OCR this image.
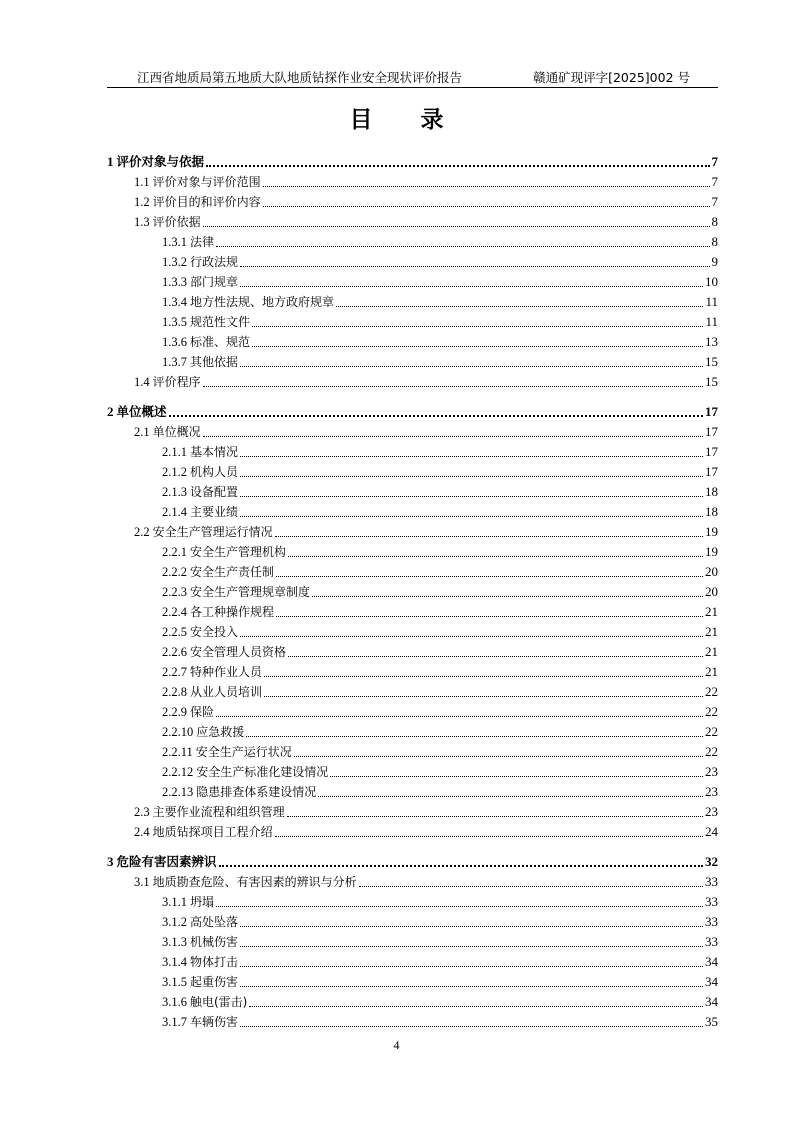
江西省地质局第五地质大队地质钻探作业安全现状评价报告	赣通矿现评字[2025]002 号
目 录
1 评价对象与依据	7
1.1 评价对象与评价范围	7
1.2 评价目的和评价内容	7
1.3 评价依据	8
1.3.1 法律	8
1.3.2 行政法规	9
1.3.3 部门规章	10
1.3.4 地方性法规、地方政府规章	11
1.3.5 规范性文件	11
1.3.6 标准、规范	13
1.3.7 其他依据	15
1.4 评价程序	15
2 单位概述	17
2.1 单位概况	17
2.1.1 基本情况	17
2.1.2 机构人员	17
2.1.3 设备配置	18
2.1.4 主要业绩	18
2.2 安全生产管理运行情况	19
2.2.1 安全生产管理机构	19
2.2.2 安全生产责任制	20
2.2.3 安全生产管理规章制度	20
2.2.4 各工种操作规程	21
2.2.5 安全投入	21
2.2.6 安全管理人员资格	21
2.2.7 特种作业人员	21
2.2.8 从业人员培训	22
2.2.9 保险	22
2.2.10 应急救援	22
2.2.11 安全生产运行状况	22
2.2.12 安全生产标准化建设情况	23
2.2.13 隐患排查体系建设情况	23
2.3 主要作业流程和组织管理	23
2.4 地质钻探项目工程介绍	24
3 危险有害因素辨识	32
3.1 地质勘查危险、有害因素的辨识与分析	33
3.1.1 坍塌	33
3.1.2 高处坠落	33
3.1.3 机械伤害	33
3.1.4 物体打击	34
3.1.5 起重伤害	34
3.1.6 触电(雷击)	34
3.1.7 车辆伤害	35
4
